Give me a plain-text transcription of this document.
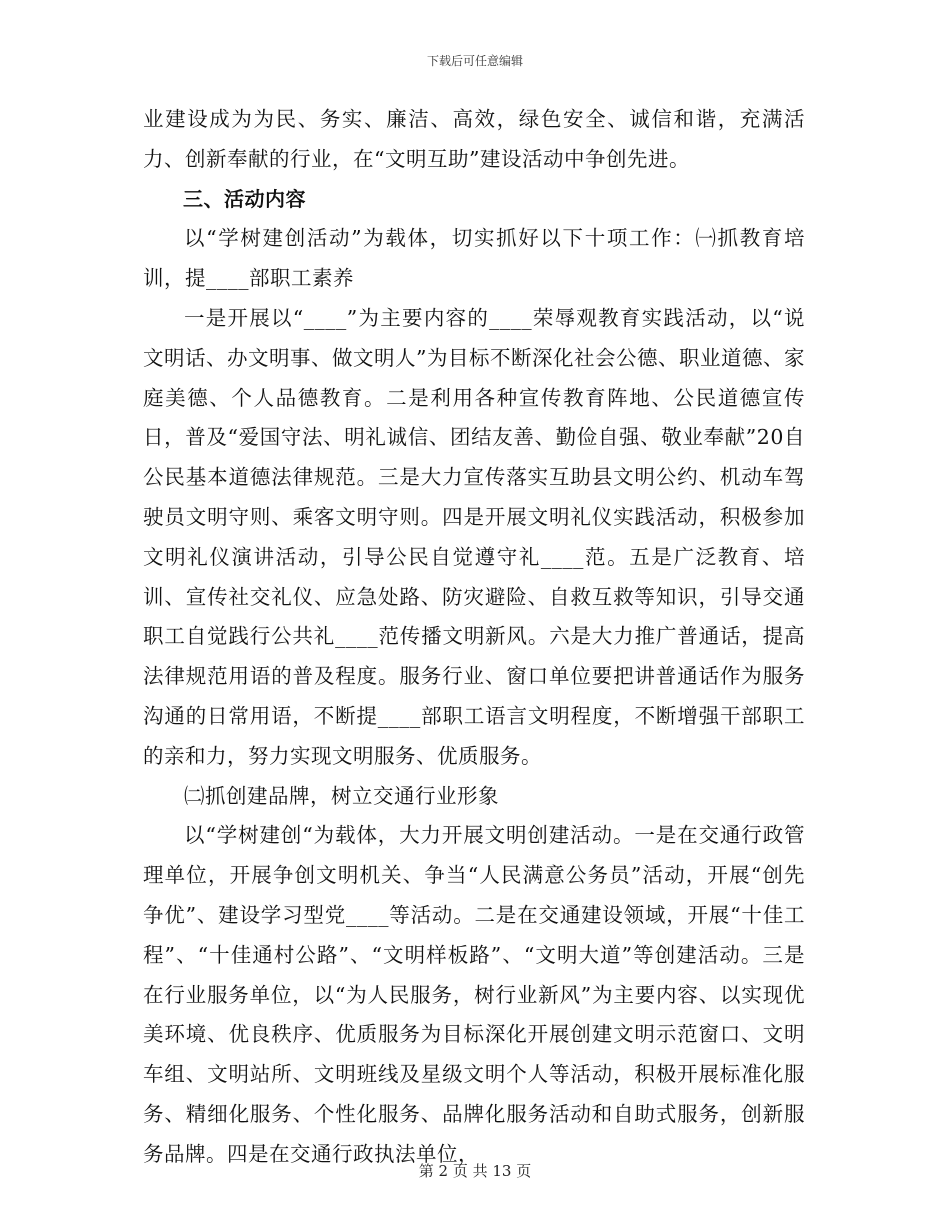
下载后可任意编辑

业建设成为为民、务实、廉洁、高效，绿色安全、诚信和谐，充满活力、创新奉献的行业，在“文明互助”建设活动中争创先进。

三、活动内容

以“学树建创活动”为载体，切实抓好以下十项工作：㈠抓教育培训，提____部职工素养

一是开展以“____”为主要内容的____荣辱观教育实践活动，以“说文明话、办文明事、做文明人”为目标不断深化社会公德、职业道德、家庭美德、个人品德教育。二是利用各种宣传教育阵地、公民道德宣传日，普及“爱国守法、明礼诚信、团结友善、勤俭自强、敬业奉献”20自公民基本道德法律规范。三是大力宣传落实互助县文明公约、机动车驾驶员文明守则、乘客文明守则。四是开展文明礼仪实践活动，积极参加文明礼仪演讲活动，引导公民自觉遵守礼____范。五是广泛教育、培训、宣传社交礼仪、应急处路、防灾避险、自救互救等知识，引导交通职工自觉践行公共礼____范传播文明新风。六是大力推广普通话，提高法律规范用语的普及程度。服务行业、窗口单位要把讲普通话作为服务沟通的日常用语，不断提____部职工语言文明程度，不断增强干部职工的亲和力，努力实现文明服务、优质服务。

㈡抓创建品牌，树立交通行业形象

以“学树建创“为载体，大力开展文明创建活动。一是在交通行政管理单位，开展争创文明机关、争当“人民满意公务员”活动，开展“创先争优”、建设学习型党____等活动。二是在交通建设领域，开展“十佳工程”、“十佳通村公路”、“文明样板路”、“文明大道”等创建活动。三是在行业服务单位，以“为人民服务，树行业新风”为主要内容、以实现优美环境、优良秩序、优质服务为目标深化开展创建文明示范窗口、文明车组、文明站所、文明班线及星级文明个人等活动，积极开展标准化服务、精细化服务、个性化服务、品牌化服务活动和自助式服务，创新服务品牌。四是在交通行政执法单位，

第 2 页 共 13 页
